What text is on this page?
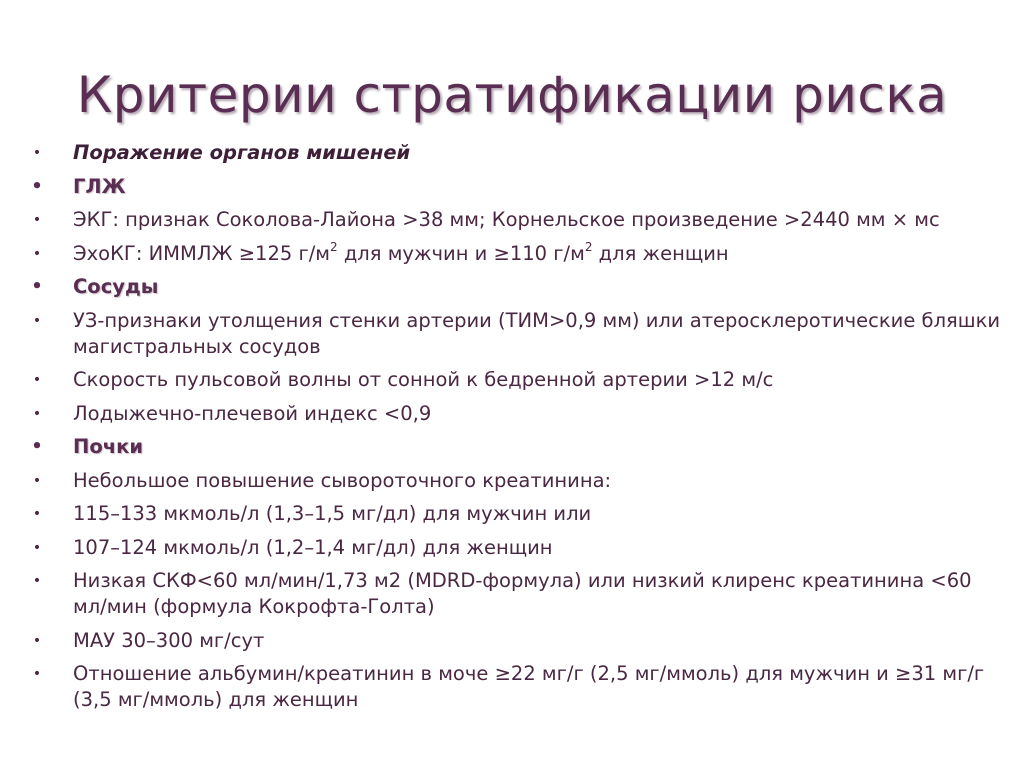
Критерии стратификации риска
• Поражение органов мишеней
• ГЛЖ
• ЭКГ: признак Соколова-Лайона >38 мм; Корнельское произведение >2440 мм × мс
• ЭхоКГ: ИММЛЖ ≥125 $г/м^2$ для мужчин и ≥110 $г/м^2$ для женщин
• Сосуды
• УЗ-признаки утолщения стенки артерии (ТИМ>0,9 мм) или атеросклеротические бляшки магистральных сосудов
• Скорость пульсовой волны от сонной к бедренной артерии >12 м/с
• Лодыжечно-плечевой индекс <0,9
• Почки
• Небольшое повышение сывороточного креатинина:
• 115–133 мкмоль/л (1,3–1,5 мг/дл) для мужчин или
• 107–124 мкмоль/л (1,2–1,4 мг/дл) для женщин
• Низкая СКФ<60 мл/мин/1,73 м2 (MDRD-формула) или низкий клиренс креатинина <60 мл/мин (формула Кокрофта-Голта)
• МАУ 30–300 мг/сут
• Отношение альбумин/креатинин в моче ≥22 мг/г (2,5 мг/ммоль) для мужчин и ≥31 мг/г (3,5 мг/ммоль) для женщин
